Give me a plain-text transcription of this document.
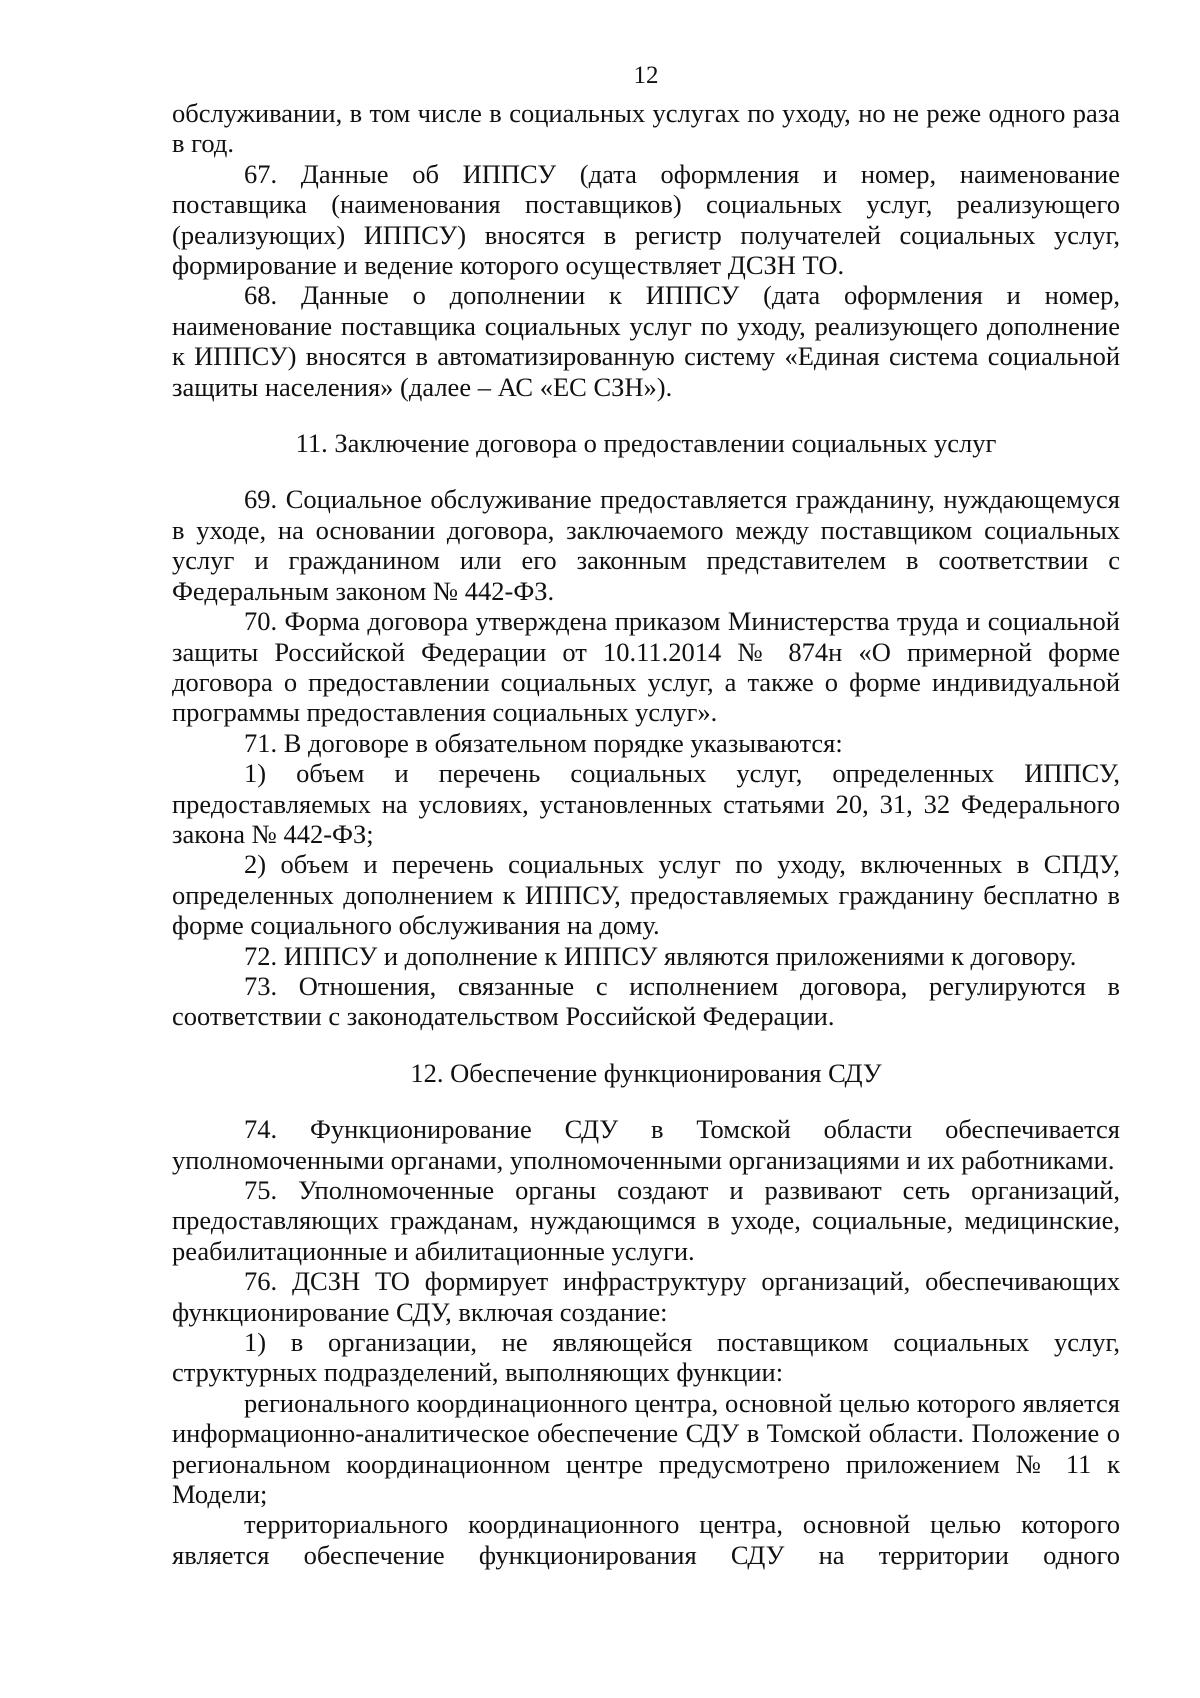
12

обслуживании, в том числе в социальных услугах по уходу, но не реже одного раза в год.

67. Данные об ИППСУ (дата оформления и номер, наименование поставщика (наименования поставщиков) социальных услуг, реализующего (реализующих) ИППСУ) вносятся в регистр получателей социальных услуг, формирование и ведение которого осуществляет ДСЗН ТО.

68. Данные о дополнении к ИППСУ (дата оформления и номер, наименование поставщика социальных услуг по уходу, реализующего дополнение к ИППСУ) вносятся в автоматизированную систему «Единая система социальной защиты населения» (далее – АС «ЕС СЗН»).

11. Заключение договора о предоставлении социальных услуг

69. Социальное обслуживание предоставляется гражданину, нуждающемуся в уходе, на основании договора, заключаемого между поставщиком социальных услуг и гражданином или его законным представителем в соответствии с Федеральным законом № 442-ФЗ.

70. Форма договора утверждена приказом Министерства труда и социальной защиты Российской Федерации от 10.11.2014 № 874н «О примерной форме договора о предоставлении социальных услуг, а также о форме индивидуальной программы предоставления социальных услуг».

71. В договоре в обязательном порядке указываются:

1) объем и перечень социальных услуг, определенных ИППСУ, предоставляемых на условиях, установленных статьями 20, 31, 32 Федерального закона № 442-ФЗ;

2) объем и перечень социальных услуг по уходу, включенных в СПДУ, определенных дополнением к ИППСУ, предоставляемых гражданину бесплатно в форме социального обслуживания на дому.

72. ИППСУ и дополнение к ИППСУ являются приложениями к договору.

73. Отношения, связанные с исполнением договора, регулируются в соответствии с законодательством Российской Федерации.

12. Обеспечение функционирования СДУ

74. Функционирование СДУ в Томской области обеспечивается уполномоченными органами, уполномоченными организациями и их работниками.

75. Уполномоченные органы создают и развивают сеть организаций, предоставляющих гражданам, нуждающимся в уходе, социальные, медицинские, реабилитационные и абилитационные услуги.

76. ДСЗН ТО формирует инфраструктуру организаций, обеспечивающих функционирование СДУ, включая создание:

1) в организации, не являющейся поставщиком социальных услуг, структурных подразделений, выполняющих функции:

регионального координационного центра, основной целью которого является информационно-аналитическое обеспечение СДУ в Томской области. Положение о региональном координационном центре предусмотрено приложением № 11 к Модели;

территориального координационного центра, основной целью которого является обеспечение функционирования СДУ на территории одного
